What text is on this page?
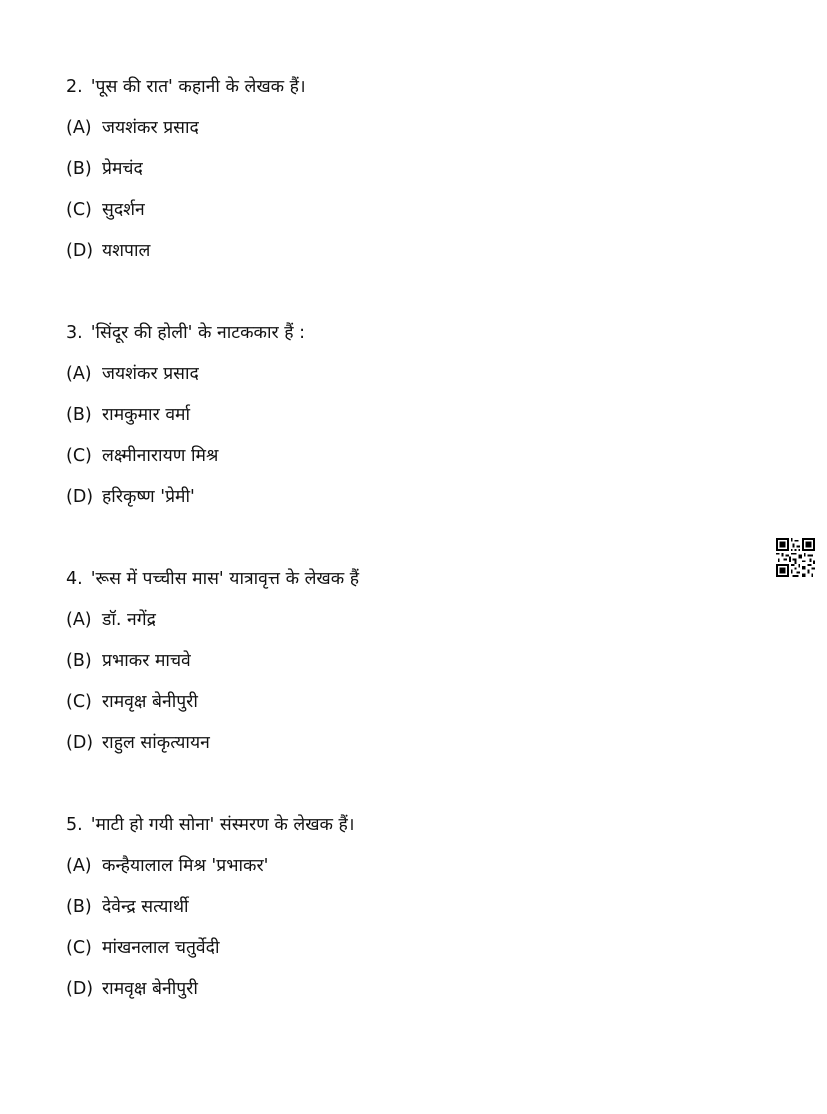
2. 'पूस की रात' कहानी के लेखक हैं।
(A) जयशंकर प्रसाद
(B) प्रेमचंद
(C) सुदर्शन
(D) यशपाल
3. 'सिंदूर की होली' के नाटककार हैं :
(A) जयशंकर प्रसाद
(B) रामकुमार वर्मा
(C) लक्ष्मीनारायण मिश्र
(D) हरिकृष्ण 'प्रेमी'
4. 'रूस में पच्चीस मास' यात्रावृत्त के लेखक हैं
(A) डॉ. नगेंद्र
(B) प्रभाकर माचवे
(C) रामवृक्ष बेनीपुरी
(D) राहुल सांकृत्यायन
5. 'माटी हो गयी सोना' संस्मरण के लेखक हैं।
(A) कन्हैयालाल मिश्र 'प्रभाकर'
(B) देवेन्द्र सत्यार्थी
(C) मांखनलाल चतुर्वेदी
(D) रामवृक्ष बेनीपुरी
